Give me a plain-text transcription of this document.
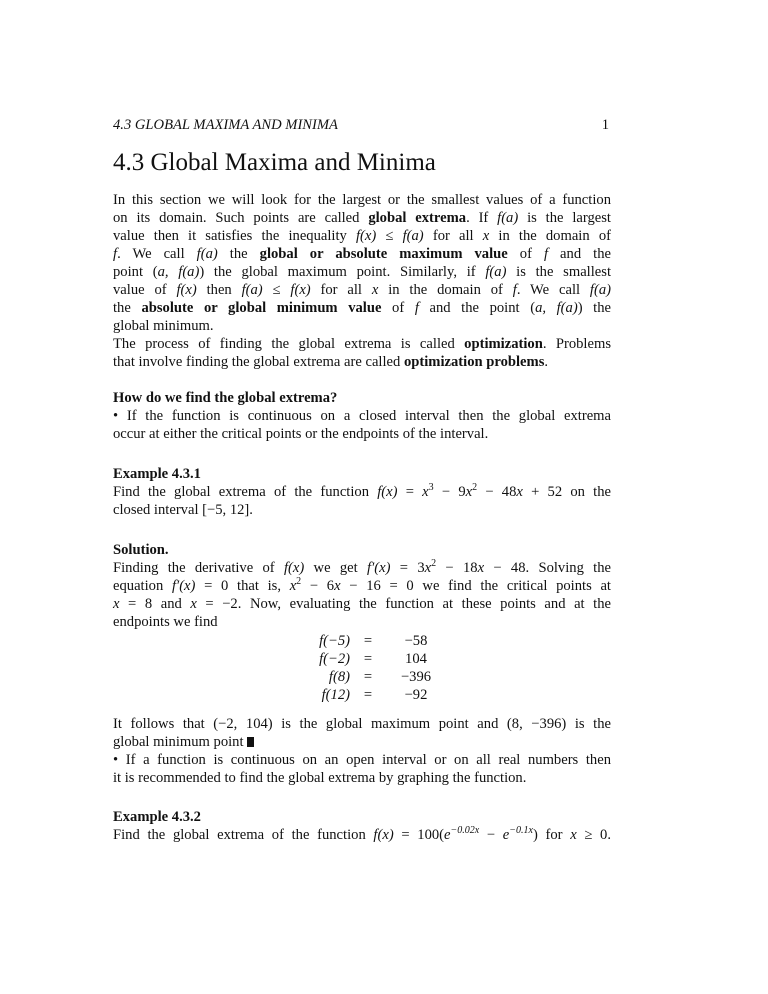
4.3 GLOBAL MAXIMA AND MINIMA	1
4.3 Global Maxima and Minima
In this section we will look for the largest or the smallest values of a function
on its domain. Such points are called global extrema. If f(a) is the largest
value then it satisfies the inequality f(x) ≤ f(a) for all x in the domain of
f. We call f(a) the global or absolute maximum value of f and the
point (a, f(a)) the global maximum point. Similarly, if f(a) is the smallest
value of f(x) then f(a) ≤ f(x) for all x in the domain of f. We call f(a)
the absolute or global minimum value of f and the point (a, f(a)) the
global minimum.
The process of finding the global extrema is called optimization. Problems
that involve finding the global extrema are called optimization problems.
How do we find the global extrema?
• If the function is continuous on a closed interval then the global extrema
occur at either the critical points or the endpoints of the interval.
Example 4.3.1
Find the global extrema of the function $f(x) = x^3 - 9x^2 - 48x + 52$ on the
closed interval [−5, 12].
Solution.
Finding the derivative of f(x) we get $f'(x) = 3x^2 - 18x - 48$. Solving the
equation f′(x) = 0 that is, $x^2 - 6x - 16 = 0$ we find the critical points at
x = 8 and x = −2. Now, evaluating the function at these points and at the
endpoints we find
f(−5) =	−58
f(−2) =	104
f(8) =	−396
f(12) =	−92
It follows that (−2, 104) is the global maximum point and (8, −396) is the
global minimum point
• If a function is continuous on an open interval or on all real numbers then
it is recommended to find the global extrema by graphing the function.
Example 4.3.2
Find the global extrema of the function $f(x) = 100(e^{-0.02x} - e^{-0.1x})$ for x ≥ 0.
